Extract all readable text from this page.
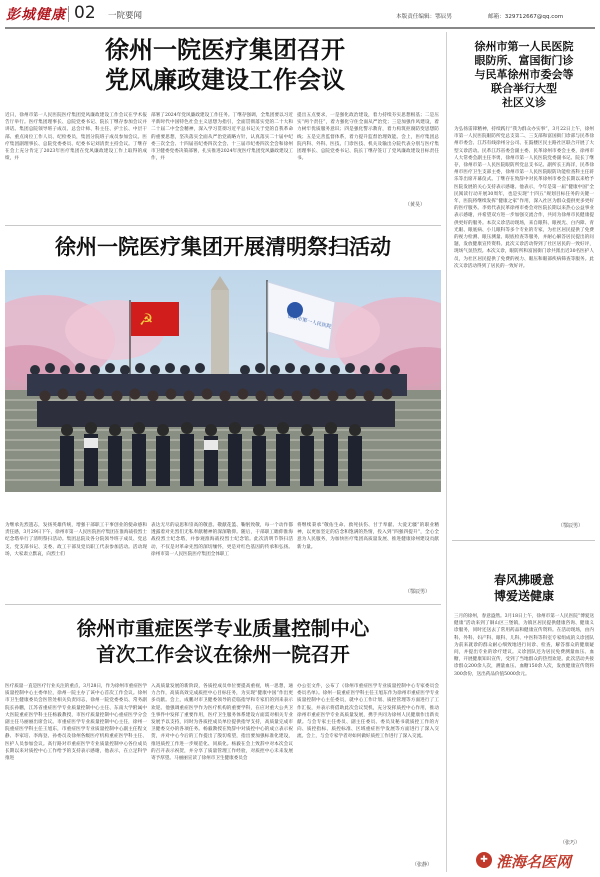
彭城健康 02 一院要闻	本版责任编辑：鄂辰男	邮箱：329712667@qq.com
徐州一院医疗集团召开
党风廉政建设工作会议
近日，徐州市第一人民医院医疗集团党风廉政建设工作会议在学术报告厅举行。医疗集团理事长、总院党委书记、院长丁继存参加会议并讲话。集团总院领导班子成员、总会计师、科主任、护士长、中层干部、重点岗位工作人员、纪检委员，集团分院班子成员参加会议。医疗集团副理事长、总院党委委员、纪委书记刘清贵主持会议。丁继存在会上充分肯定了2023年医疗集团在党风廉政建设工作上取得的成绩，并
部署了2024年党风廉政建设工作任务。丁继存强调，全集团要以习近平新时代中国特色社会主义思想为指引，全面贯彻落实党的二十大和二十届二中全会精神，深入学习贯彻习近平总书记关于党的自我革命的重要思想，坚决落实全面从严治党战略方针，认真落实二十届中纪委三次全会、十四届省纪委四次全会、十三届市纪委四次全会和徐州市卫健委党委决策部署，扎实推进2024年度医疗集团党风廉政建设工作，并
提出五点要求，一是强化政治建设，着力持续夯实思想根基；二是压实“两个责任”，着力强化守住全面从严治党；三是加强作风建设，着力树牢优质服务意识；四是强化警示教育，着力构筑拒腐防变思想防线；五是完善监督体系，着力提升监督治理效能。会上，医疗集团总院内科、外科、医技、门诊医技、机关及输出分院代表分别与医疗集团理事长、总院党委书记、院长丁继存签订了党风廉政建设目标责任书。
（黄昊）
徐州一院医疗集团开展清明祭扫活动
☭	徐州市第一人民医院
为继承先烈遗志，发扬英雄传统，增强干部职工干事创业的使命感和责任感，3月29日下午，徐州市第一人民医院医疗集团在淮海战役烈士纪念塔举行了清明祭扫活动。集团总院及各分院领导班子成员、党总支、党支部书记、支委、政工干部及党员职工代表参加活动。活动现场，大家肃立默哀，向烈士们
表达无尽的哀思和崇高的敬意。敬献花篮、鞠躬致敬，每一个动作都透露着对先烈们无私奉献精神的深深敬仰。随后，干部职工瞻仰淮海战役烈士纪念塔，并参观淮海战役烈士纪念馆。此次清明节祭扫活动，不仅是对革命先烈的深切缅怀，更是对红色基因的传承和弘扬。徐州市第一人民医院医疗集团全体职工
将继续秉承“敬佑生命、救死扶伤、甘于奉献、大爱无疆”的职业精神，以更加坚定的信念和饱满的热情，投入到“四强四提升”，全心全意为人民服务，为加快医疗集团高质量发展、推进健康徐州建设贡献新力量。
（鄂辰男）
徐州市重症医学专业质量控制中心
首次工作会议在徐州一院召开
医疗质量一直是医疗行业关注的重点，3月28日，作为徐州市重症医学质量控制中心主委单位，徐州一院主办了该中心首次工作会议。徐州市卫生健康委员会医管处相关负责同志，徐州一院党委委员、常务副院长孙鹏，江苏省重症医学专业质量控制中心主任、东南大学附属中大医院重症医学科主任杨毅教授，市医疗质量控制中心重症医学分会副主任马丽丽出席会议。市重症医学专业质量控制中心主任，徐州一院重症医学科主任王旭东，市重症医学专业质量控制中心副主任程文静、李家培、李海登、孙委员及徐州各级医疗机构重症医学科主任、医护人员参加会议。高行路对市重症医学专业质量控制中心各位成员长期以来对质控中心工作给予的支持表示感谢，他表示，在立足科学推进
入高质量发展的新阶段，各质控成员单位要提高重视，统一思想，通力合作，高质高效完成质控中心目标任务，为实现“健康中国”作出更多贡献。会上，成鹏对市卫健委领导的莅临指导和专家们的到来表示欢迎。他强调重症医学作为医疗机构的重要学科，在应对重大公共卫生事件中发挥了重要作用，医疗卫生服务体系建设方面需对相关专业发展予以支持，同时为各质控成员单位提供指导支持，高质量完成市卫健委交办的各项任务。杨毅教授在致辞中对质控中心的成立表示祝贺，并对中心今后的工作提出了殷切希望，指出要加强标准化建设，推进质控工作进一步规范化、同质化。杨毅在会上致辞中对本次会议的召开表示祝贺，并分享了质量管理工作经验，对质控中心未来发展寄予厚望。马丽丽宣读了徐州市卫生健康委员会
办公室文件，公布了《徐州市重症医学专业质量控制中心专家委员会委员名单》。徐州一院重症医学科主任王旭东作为徐州市重症医学专业质量控制中心主任委员，就中心工作计划、质控管理等方面进行了工作汇报，并表示将借助此次会议契机，充分发挥质控中心作用，推动徐州市重症医学专业高质量发展，携手共同为徐州人民健康作出新贡献。与会专家主任委员、副主任委员、委员及秘书就质控工作的方向、质控指标、质控标准、区域重症医学发展等方面进行了深入交流。会上，与会专家学者对如何做好质控工作进行了深入交流。
（张静）
徐州市第一人民医院
眼防所、富国街门诊
与民革徐州市委会等
联合举行大型
社区义诊
为弘扬雷锋精神，持续践行“我为群众办实事”，3月22日上午，徐州市第一人民医院眼防所党总支第二、三支部和富国街门诊部与民革徐州市委会、江苏有线徐州分公司、在鼓楼区民主路社区联合开展了大型义诊活动。民革江苏省委会副主委、民革徐州市委会主委，徐州市人大常委会副主任李勇，徐州市第一人民医院党委副书记、院长丁继存，徐州市第一人民医院眼防所党总支书记、副所长王海洋，民革徐州市医疗卫生支部主委，徐州市第一人民医院眼防功能检查科主任蒋乐等出席开幕仪式。丁继存在致辞中对民革徐州市委会长期以来给予医院发展的关心支持表示感谢。他表示，今年是第一届“健康中国”全民阅读行动开展30周年，也是实现“十四五”规划目标任务的关键一年，医院将继续发挥“健康之家”作用，深入社区为群众提供更多更好的医疗服务。李勇代表民革徐州市委会对医院长期以来热心公益事业表示感谢，并希望双方进一步加强交流合作，共同为徐州市民健康提供更好的服务。本次义诊活动现场，来自眼科、眼视光、白内障、青光眼、眼底病、小儿眼科等多个专业的专家，为社区居民提供了免费的视力检测、眼压测量、眼底检查等服务，并耐心解答居民提出的问题，发放健康宣传资料。此次义诊活动得到了社区居民的一致好评，现场气氛热烈。本次义诊，眼防所和富国街门诊共派出近30名医护人员，为社区居民提供了免费的视力、眼压和眼部疾病筛查等服务。此次义诊活动得到了居民的一致好评。
（鄂辰男）
春风拂暖意
博爱送健康
三月的徐州，春意盎然。3月18日上午，徐州市第一人民医院“博爱送健康”活动来到了铜山区三堡镇，为镇区居民提供健康咨询、健康义诊服务，同时还送去了常用药品和健康宣传资料。在活动现场，由内科、外科、妇产科、眼科、儿科、中医科等科室专家组成的义诊团队为前来就诊的群众耐心细致地进行问诊、检查，解答群众的健康疑问，并提出专业的诊疗建议。义诊团队还为居民免费测量血压、血糖，开展健康知识宣传，受到了当地群众的热烈欢迎。此次活动共接诊群众200余人次，测量血压、血糖150余人次，发放健康宣传资料300余份，送出药品价值5000余元。
（张巧）
✚ 淮海名医网
